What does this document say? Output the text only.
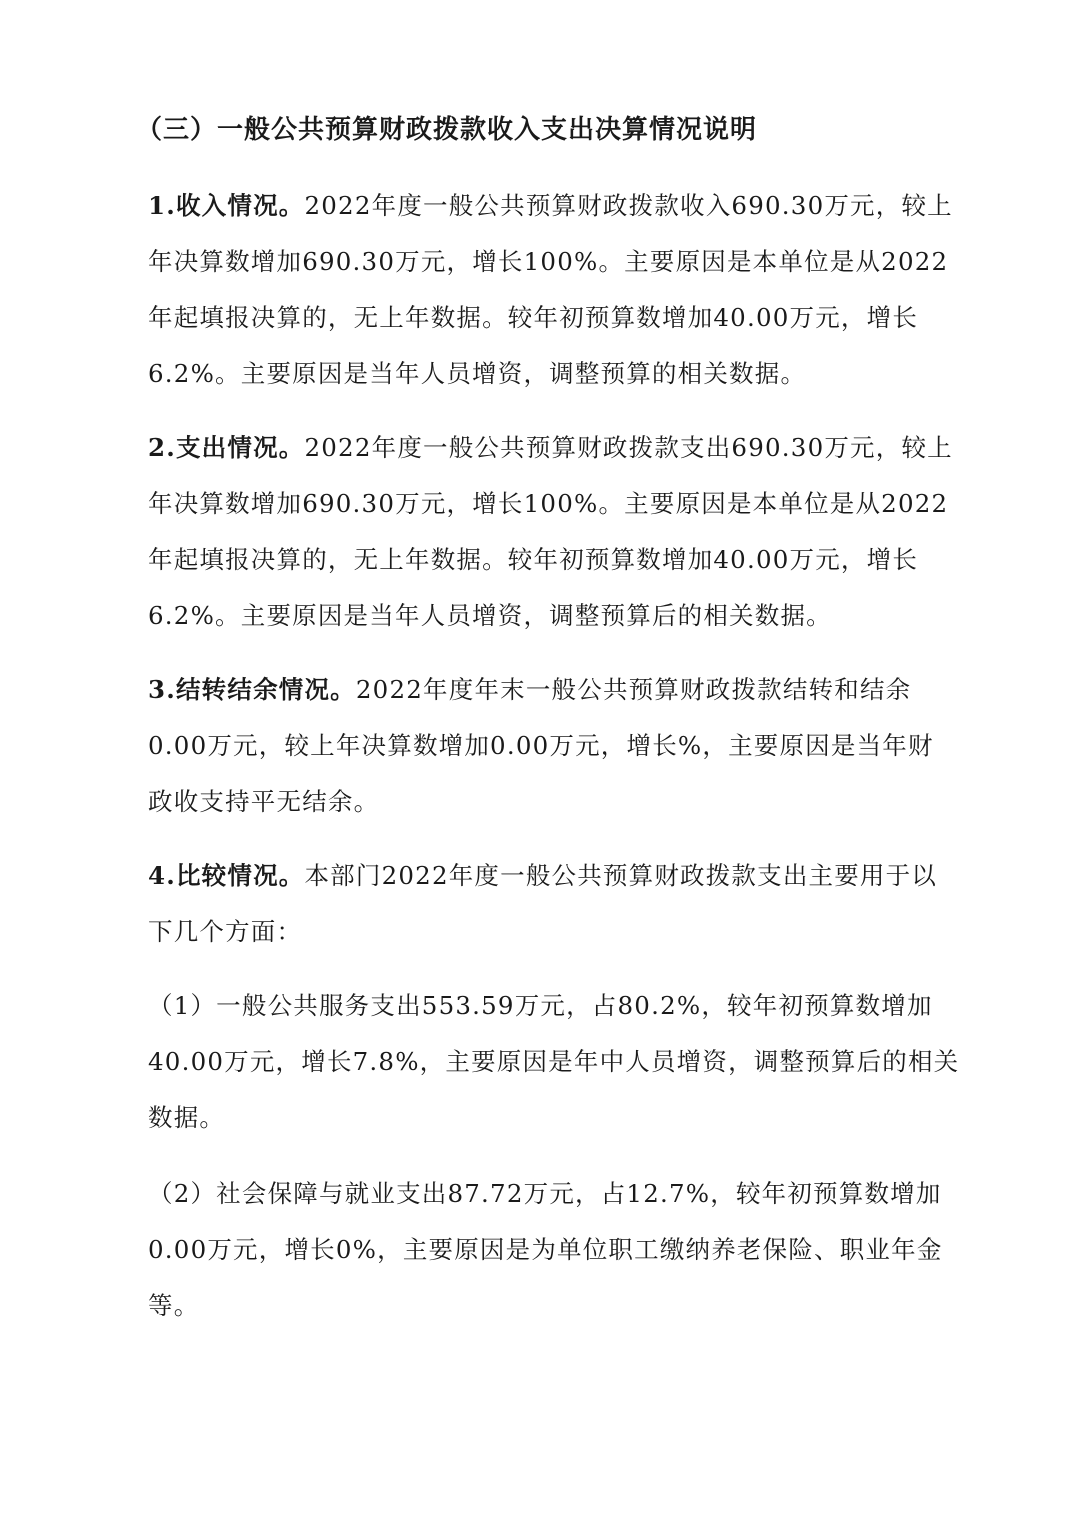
（三）一般公共预算财政拨款收入支出决算情况说明
1.收入情况。2022年度一般公共预算财政拨款收入690.30万元，较上
年决算数增加690.30万元，增长100%。主要原因是本单位是从2022
年起填报决算的，无上年数据。较年初预算数增加40.00万元，增长
6.2%。主要原因是当年人员增资，调整预算的相关数据。
2.支出情况。2022年度一般公共预算财政拨款支出690.30万元，较上
年决算数增加690.30万元，增长100%。主要原因是本单位是从2022
年起填报决算的，无上年数据。较年初预算数增加40.00万元，增长
6.2%。主要原因是当年人员增资，调整预算后的相关数据。
3.结转结余情况。2022年度年末一般公共预算财政拨款结转和结余
0.00万元，较上年决算数增加0.00万元，增长%，主要原因是当年财
政收支持平无结余。
4.比较情况。本部门2022年度一般公共预算财政拨款支出主要用于以
下几个方面：
（1）一般公共服务支出553.59万元，占80.2%，较年初预算数增加
40.00万元，增长7.8%，主要原因是年中人员增资，调整预算后的相关
数据。
（2）社会保障与就业支出87.72万元，占12.7%，较年初预算数增加
0.00万元，增长0%，主要原因是为单位职工缴纳养老保险、职业年金
等。
